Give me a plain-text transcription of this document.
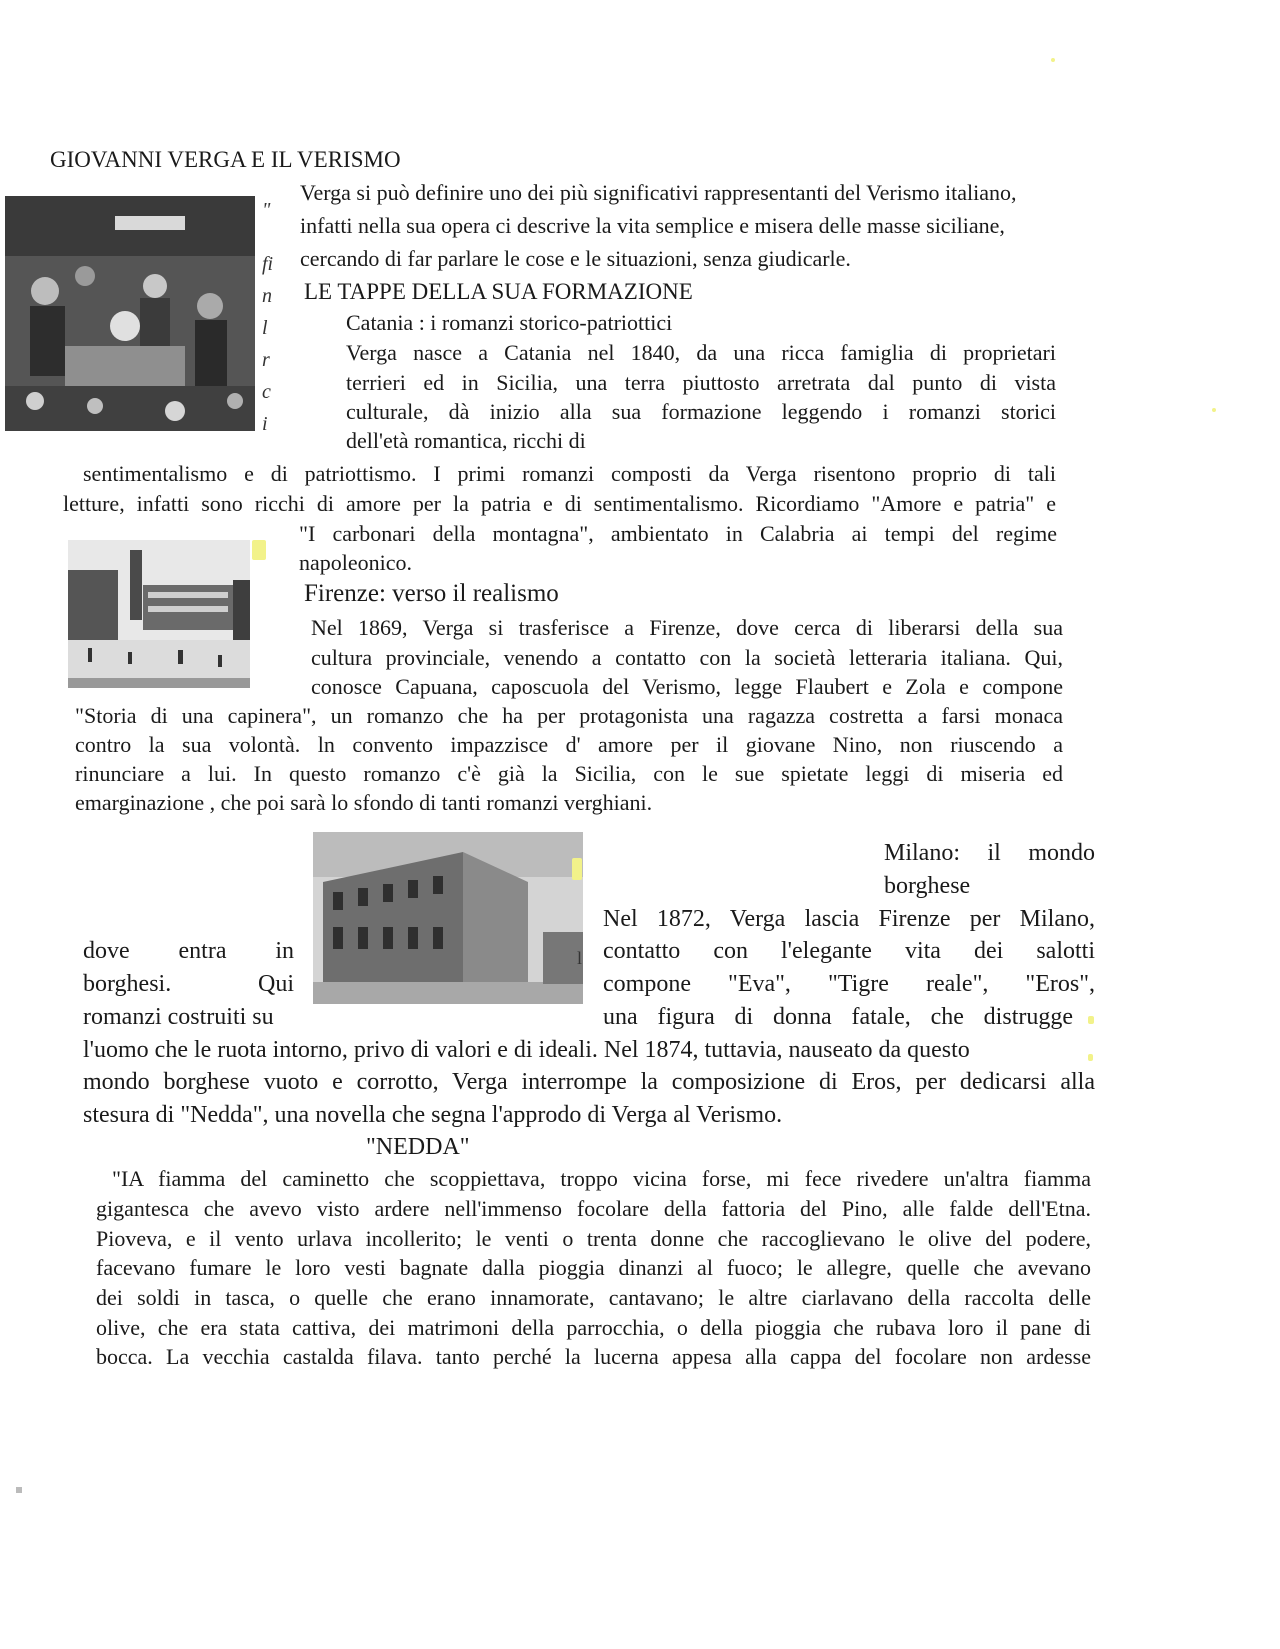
GIOVANNI VERGA E IL VERISMO
"
fi
n
l
r
c
i
Verga si può definire uno dei più significativi rappresentanti del Verismo italiano,
infatti nella sua opera ci descrive la vita semplice e misera delle masse siciliane,
cercando di far parlare le cose e le situazioni, senza giudicarle.
LE TAPPE DELLA SUA FORMAZIONE
Catania : i romanzi storico-patriottici
Verga nasce a Catania nel 1840, da una ricca famiglia di proprietari
terrieri ed in Sicilia, una terra piuttosto arretrata dal punto di vista
culturale, dà inizio alla sua formazione leggendo i romanzi storici
dell'età romantica, ricchi di
sentimentalismo e di patriottismo. I primi romanzi composti da Verga risentono proprio di tali
letture, infatti sono ricchi di amore per la patria e di sentimentalismo. Ricordiamo "Amore e patria" e
"I carbonari della montagna", ambientato in Calabria ai tempi del regime
napoleonico.
Firenze: verso il realismo
Nel 1869, Verga si trasferisce a Firenze, dove cerca di liberarsi della sua
cultura provinciale, venendo a contatto con la società letteraria italiana. Qui,
conosce Capuana, caposcuola del Verismo, legge Flaubert e Zola e compone
"Storia di una capinera", un romanzo che ha per protagonista una ragazza costretta a farsi monaca
contro la sua volontà. ln convento impazzisce d' amore per il giovane Nino, non riuscendo a
rinunciare a lui. In questo romanzo c'è già la Sicilia, con le sue spietate leggi di miseria ed
emarginazione , che poi sarà lo sfondo di tanti romanzi verghiani.
l
Milano: il mondo
borghese
Nel 1872, Verga lascia Firenze per Milano,
contatto con l'elegante vita dei salotti
compone "Eva", "Tigre reale", "Eros",
una figura di donna fatale, che distrugge
dove entra in
borghesi. Qui
romanzi costruiti su
l'uomo che le ruota intorno, privo di valori e di ideali. Nel 1874, tuttavia, nauseato da questo
mondo borghese vuoto e corrotto, Verga interrompe la composizione di Eros, per dedicarsi alla
stesura di "Nedda", una novella che segna l'approdo di Verga al Verismo.
"NEDDA"
"IA fiamma del caminetto che scoppiettava, troppo vicina forse, mi fece rivedere un'altra fiamma
gigantesca che avevo visto ardere nell'immenso focolare della fattoria del Pino, alle falde dell'Etna.
Pioveva, e il vento urlava incollerito; le venti o trenta donne che raccoglievano le olive del podere,
facevano fumare le loro vesti bagnate dalla pioggia dinanzi al fuoco; le allegre, quelle che avevano
dei soldi in tasca, o quelle che erano innamorate, cantavano; le altre ciarlavano della raccolta delle
olive, che era stata cattiva, dei matrimoni della parrocchia, o della pioggia che rubava loro il pane di
bocca. La vecchia castalda filava. tanto perché la lucerna appesa alla cappa del focolare non ardesse
